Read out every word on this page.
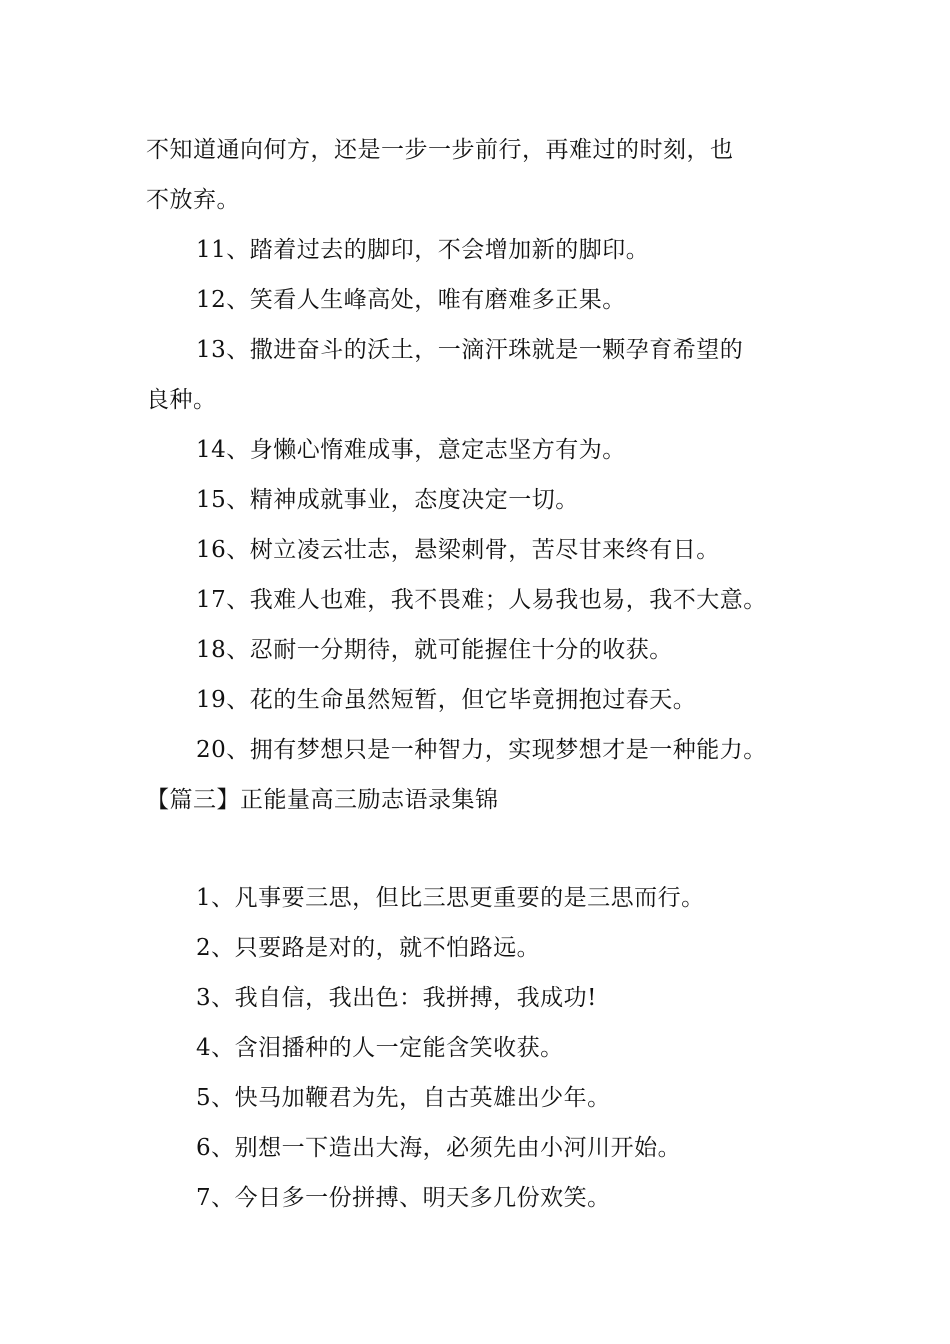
不知道通向何方，还是一步一步前行，再难过的时刻，也
不放弃。
11、踏着过去的脚印，不会增加新的脚印。
12、笑看人生峰高处，唯有磨难多正果。
13、撒进奋斗的沃土，一滴汗珠就是一颗孕育希望的
良种。
14、身懒心惰难成事，意定志坚方有为。
15、精神成就事业，态度决定一切。
16、树立凌云壮志，悬梁刺骨，苦尽甘来终有日。
17、我难人也难，我不畏难；人易我也易，我不大意。
18、忍耐一分期待，就可能握住十分的收获。
19、花的生命虽然短暂，但它毕竟拥抱过春天。
20、拥有梦想只是一种智力，实现梦想才是一种能力。
【篇三】正能量高三励志语录集锦
1、凡事要三思，但比三思更重要的是三思而行。
2、只要路是对的，就不怕路远。
3、我自信，我出色：我拼搏，我成功!
4、含泪播种的人一定能含笑收获。
5、快马加鞭君为先，自古英雄出少年。
6、别想一下造出大海，必须先由小河川开始。
7、今日多一份拼搏、明天多几份欢笑。
